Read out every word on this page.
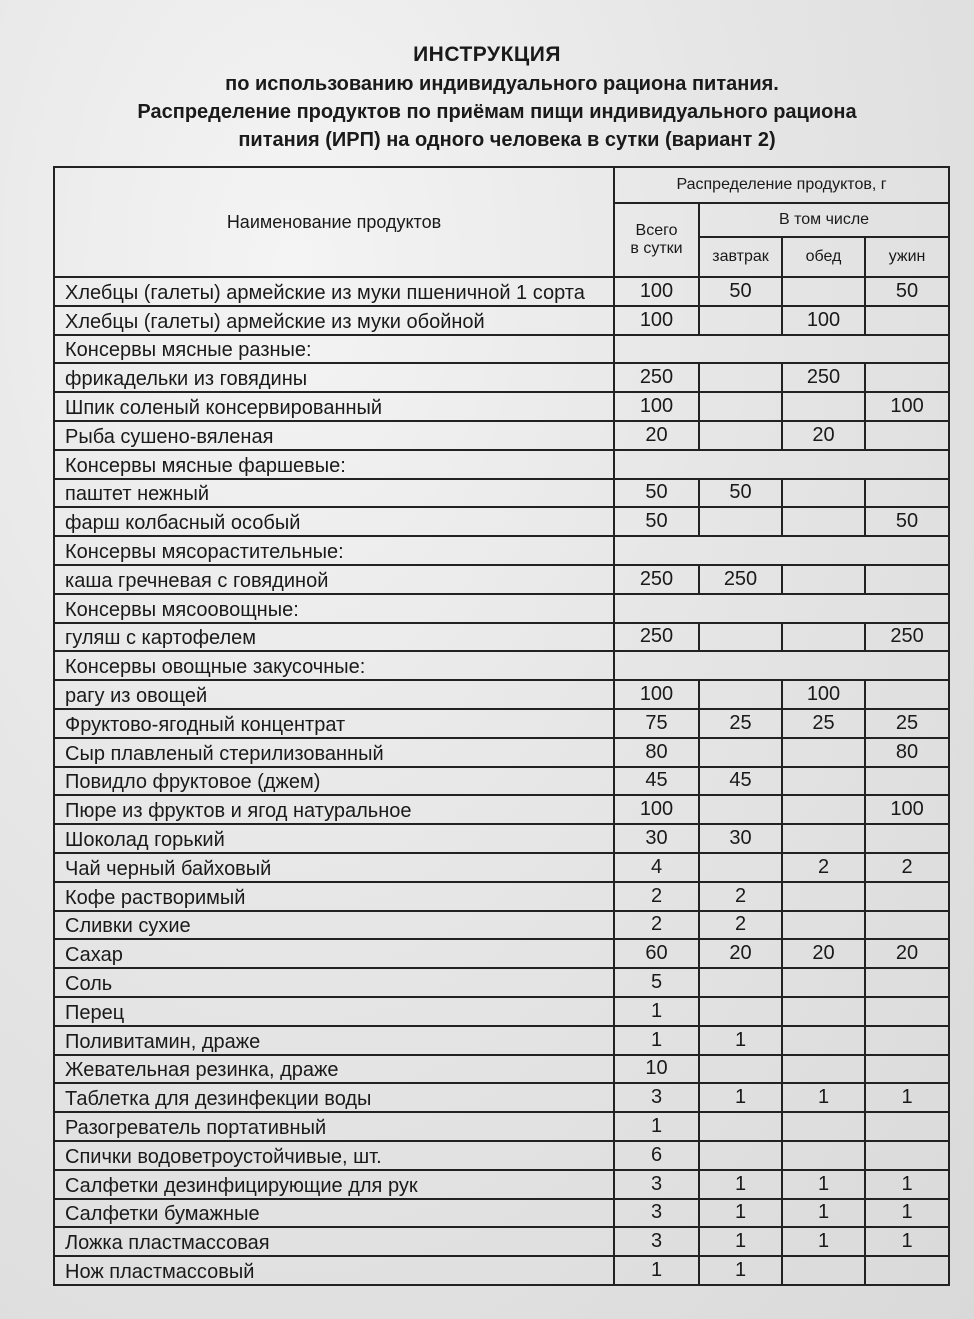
ИНСТРУКЦИЯ
по использованию индивидуального рациона питания.
Распределение продуктов по приёмам пищи индивидуального рациона
питания (ИРП) на одного человека в сутки (вариант 2)
Наименование продуктов	Распределение продуктов, г			

	Всего
в сутки	В том числе		
		завтрак	обед	ужин
Хлебцы (галеты) армейские из муки пшеничной 1 сорта	100	50		50
Хлебцы (галеты) армейские из муки обойной	100		100	
Консервы мясные разные:				
фрикадельки из говядины	250		250	
Шпик соленый консервированный	100			100
Рыба сушено-вяленая	20		20	
Консервы мясные фаршевые:				
паштет нежный	50	50		
фарш колбасный особый	50			50
Консервы мясорастительные:				
каша гречневая с говядиной	250	250		
Консервы мясоовощные:				
гуляш с картофелем	250			250
Консервы овощные закусочные:				
рагу из овощей	100		100	
Фруктово-ягодный концентрат	75	25	25	25
Сыр плавленый стерилизованный	80			80
Повидло фруктовое (джем)	45	45		
Пюре из фруктов и ягод натуральное	100			100
Шоколад горький	30	30		
Чай черный байховый	4		2	2
Кофе растворимый	2	2		
Сливки сухие	2	2		
Сахар	60	20	20	20
Соль	5			
Перец	1			
Поливитамин, драже	1	1		
Жевательная резинка, драже	10			
Таблетка для дезинфекции воды	3	1	1	1
Разогреватель портативный	1			
Спички водоветроустойчивые, шт.	6			
Салфетки дезинфицирующие для рук	3	1	1	1
Салфетки бумажные	3	1	1	1
Ложка пластмассовая	3	1	1	1
Нож пластмассовый	1	1		
